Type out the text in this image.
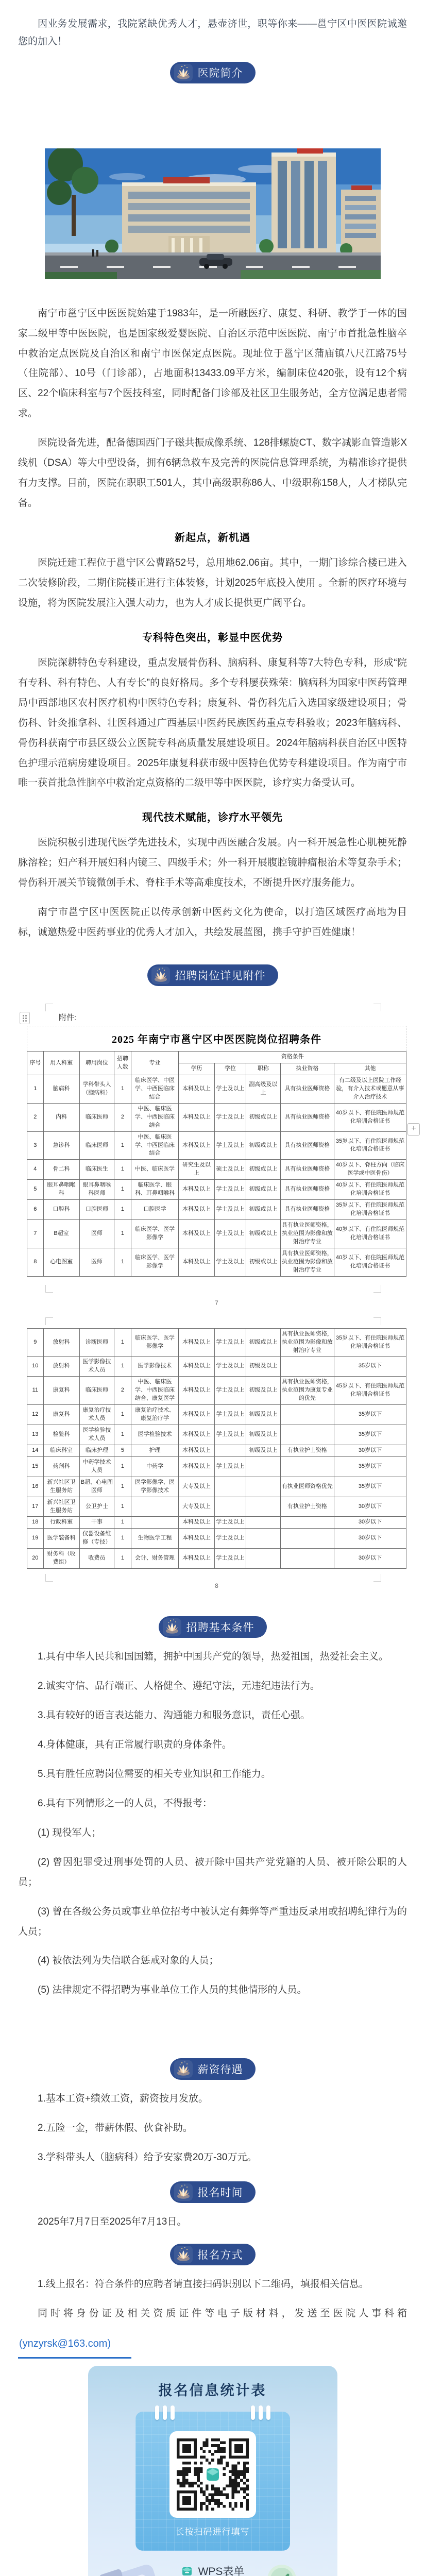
因业务发展需求，我院紧缺优秀人才，悬壶济世，职等你来——邕宁区中医医院诚邀您的加入！

医院简介

南宁市邕宁区中医医院始建于1983年，是一所融医疗、康复、科研、教学于一体的国家二级甲等中医医院，也是国家级爱婴医院、自治区示范中医医院、南宁市首批急性脑卒中救治定点医院及自治区和南宁市医保定点医院。现址位于邕宁区蒲庙镇八尺江路75号（住院部）、10号（门诊部），占地面积13433.09平方米，编制床位420张，设有12个病区、22个临床科室与7个医技科室，同时配备门诊部及社区卫生服务站，全方位满足患者需求。

医院设备先进，配备德国西门子磁共振成像系统、128排螺旋CT、数字减影血管造影X线机（DSA）等大中型设备，拥有6辆急救车及完善的医院信息管理系统，为精准诊疗提供有力支撑。目前，医院在职职工501人，其中高级职称86人、中级职称158人，人才梯队完备。

新起点，新机遇

医院迁建工程位于邕宁区公曹路52号，总用地62.06亩。其中，一期门诊综合楼已进入二次装修阶段，二期住院楼正进行主体装修，计划2025年底投入使用 。全新的医疗环境与设施，将为医院发展注入强大动力，也为人才成长提供更广阔平台。

专科特色突出，彰显中医优势

医院深耕特色专科建设，重点发展骨伤科、脑病科、康复科等7大特色专科，形成“院有专科、科有特色、人有专长”的良好格局。多个专科屡获殊荣：脑病科为国家中医药管理局中西部地区农村医疗机构中医特色专科；康复科、骨伤科先后入选国家级建设项目；骨伤科、针灸推拿科、壮医科通过广西基层中医药民族医药重点专科验收；2023年脑病科、骨伤科获南宁市县区级公立医院专科高质量发展建设项目。2024年脑病科获自治区中医特色护理示范病房建设项目。2025年康复科获市级中医特色优势专科建设项目。作为南宁市唯一获首批急性脑卒中救治定点资格的二级甲等中医医院，诊疗实力备受认可。

现代技术赋能，诊疗水平领先

医院积极引进现代医学先进技术，实现中西医融合发展。内一科开展急性心肌梗死静脉溶栓；妇产科开展妇科内镜三、四级手术；外一科开展腹腔镜肿瘤根治术等复杂手术；骨伤科开展关节镜微创手术、脊柱手术等高难度技术，不断提升医疗服务能力。

南宁市邕宁区中医医院正以传承创新中医药文化为使命，以打造区域医疗高地为目标，诚邀热爱中医药事业的优秀人才加入，共绘发展蓝图，携手守护百姓健康！

招聘岗位详见附件
附件:
2025 年南宁市邕宁区中医医院岗位招聘条件
序号	用人科室	聘用岗位	招聘人数	专业	资格条件				
					学历	学位	职称	执业资格	其他
1	脑病科	学科带头人（脑病科）	1	临床医学、中医学、中西医临床结合	本科及以上	学士及以上	副高级及以上	具有执业医师资格	有二级及以上医院工作经验，有介入技术或愿意从事介入治疗技术
2	内科	临床医师	2	中医、临床医学、中西医临床结合	本科及以上	学士及以上	初级或以上	具有执业医师资格	40岁以下、有住院医师规范化培训合格证书
3	急诊科	临床医师	1	中医、临床医学、中西医临床结合	本科及以上	学士及以上	初级或以上	具有执业医师资格	35岁以下、有住院医师规范化培训合格证书
4	骨二科	临床医生	1	中医、临床医学	研究生及以上	硕士及以上	初级或以上	具有执业医师资格	40岁以下、脊柱方向（临床医学或中医骨伤）
5	眼耳鼻咽喉科	眼耳鼻咽喉科医师	1	临床医学、眼科、耳鼻咽喉科	本科及以上	学士及以上	初级或以上	具有执业医师资格	40岁以下、有住院医师规范化培训合格证书
6	口腔科	口腔医师	1	口腔医学	本科及以上	学士及以上	初级或以上	具有执业医师资格	35岁以下、有住院医师规范化培训合格证书
7	B超室	医师	1	临床医学、医学影像学	本科及以上	学士及以上	初级或以上	具有执业医师资格，执业范围为影像和放射治疗专业	40岁以下、有住院医师规范化培训合格证书
8	心电图室	医师	1	临床医学、医学影像学	本科及以上	学士及以上	初级或以上	具有执业医师资格，执业范围为影像和放射治疗专业	40岁以下、有住院医师规范化培训合格证书
7
9	放射科	诊断医师	1	临床医学、医学影像学	本科及以上	学士及以上	初级或以上	具有执业医师资格，执业范围为影像和放射治疗专业	35岁以下、有住院医师规范化培训合格证书
10	放射科	医学影像技术人员	1	医学影像技术	本科及以上	学士及以上	初级及以上		35岁以下
11	康复科	临床医师	2	中医、临床医学、中西医临床结合、康复医学	本科及以上	学士及以上	初级及以上	具有执业医师资格，执业范围为康复专业的优先	45岁以下、有住院医师规范化培训合格证书
12	康复科	康复治疗技术人员	1	康复治疗技术、康复治疗学	本科及以上	学士及以上	初级及以上		35岁以下
13	检验科	医学检验技术人员	1	医学检验技术	本科及以上	学士及以上	初级及以上		35岁以下
14	临床科室	临床护理	5	护理	本科及以上		初级及以上	有执业护士资格	30岁以下
15	药剂科	中药学技术人员	1	中药学	本科及以上	学士及以上			35岁以下
16	新兴社区卫生服务站	B超、心电图医师	1	医学影像学、医学影像技术	大专及以上			有执业医师资格优先	35岁以下
17	新兴社区卫生服务站	公卫护士	1		大专及以上			有执业护士资格	30岁以下
18	行政科室	干事	1		本科及以上	学士及以上			30岁以下
19	医学装备科	仪器设备维修（专技）	1	生物医学工程	本科及以上	学士及以上			30岁以下
20	财务科（收费组）	收费员	1	会计、财务管理	本科及以上	学士及以上			30岁以下
8
+
招聘基本条件

1.具有中华人民共和国国籍，拥护中国共产党的领导，热爱祖国，热爱社会主义。

2.诚实守信、品行端正、人格健全、遵纪守法，无违纪违法行为。

3.具有较好的语言表达能力、沟通能力和服务意识，责任心强。

4.身体健康，具有正常履行职责的身体条件。

5.具有胜任应聘岗位需要的相关专业知识和工作能力。

6.具有下列情形之一的人员，不得报考：

(1) 现役军人；

(2) 曾因犯罪受过刑事处罚的人员、被开除中国共产党党籍的人员、被开除公职的人员；

(3) 曾在各级公务员或事业单位招考中被认定有舞弊等严重违反录用或招聘纪律行为的人员；

(4) 被依法列为失信联合惩戒对象的人员；

(5) 法律规定不得招聘为事业单位工作人员的其他情形的人员。

薪资待遇

1.基本工资+绩效工资，薪资按月发放。

2.五险一金，带薪休假、伙食补助。

3.学科带头人（脑病科）给予安家费20万-30万元。

报名时间

2025年7月7日至2025年7月13日。

报名方式

1.线上报名：符合条件的应聘者请直接扫码识别以下二维码，填报相关信息。

同时将身份证及相关资质证件等电子版材料，发送至医院人事科箱

(ynzyrsk@163.com)

报名信息统计表
长按扫码进行填写
WPS表单
